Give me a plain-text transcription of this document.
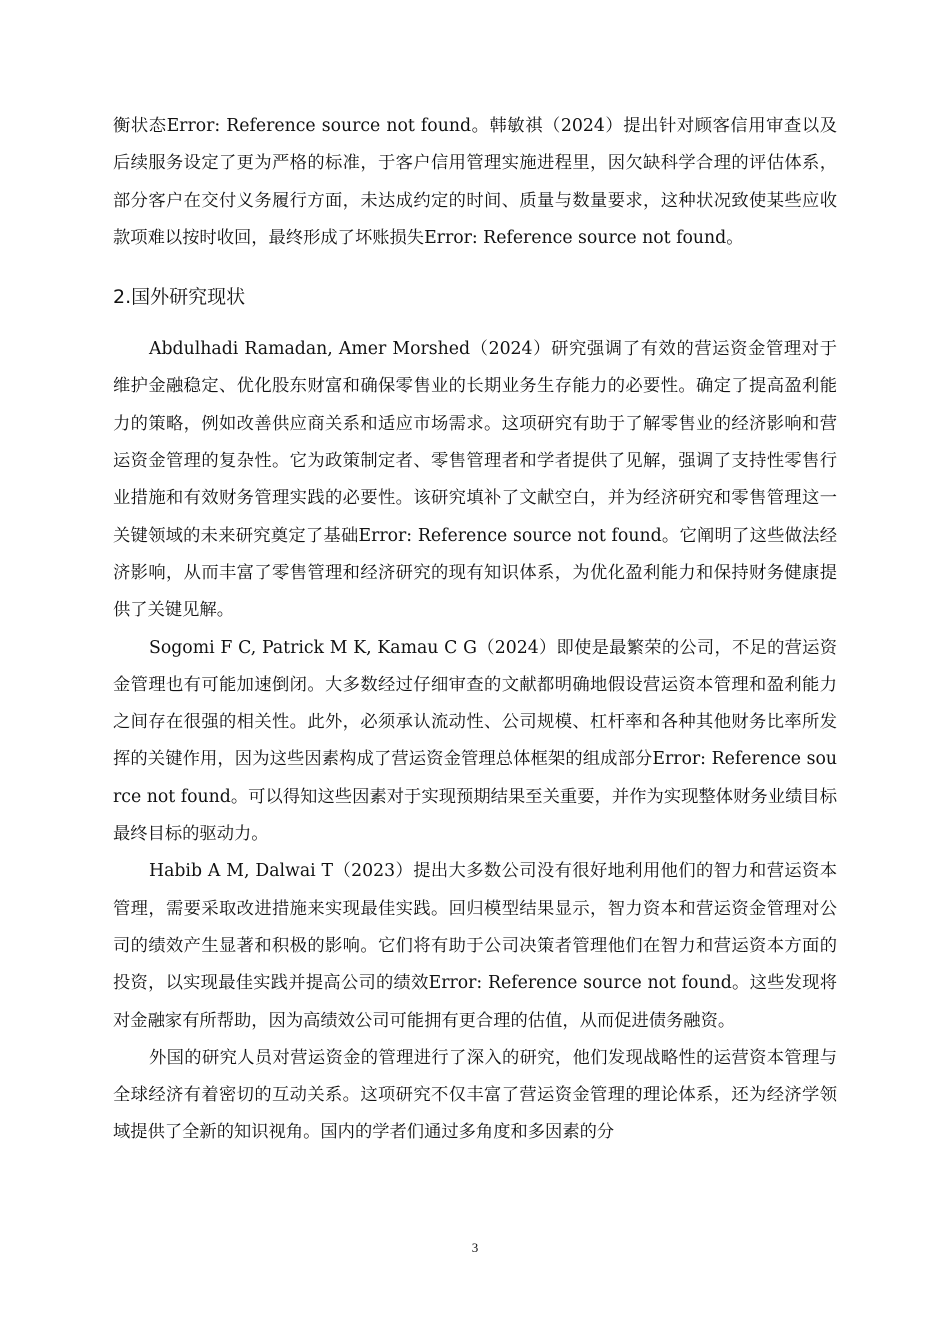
衡状态Error: Reference source not found。韩敏祺（2024）提出针对顾客信用审查以及后续服务设定了更为严格的标准，于客户信用管理实施进程里，因欠缺科学合理的评估体系，部分客户在交付义务履行方面，未达成约定的时间、质量与数量要求，这种状况致使某些应收款项难以按时收回，最终形成了坏账损失Error: Reference source not found。

2.国外研究现状

Abdulhadi Ramadan, Amer Morshed（2024）研究强调了有效的营运资金管理对于维护金融稳定、优化股东财富和确保零售业的长期业务生存能力的必要性。确定了提高盈利能力的策略，例如改善供应商关系和适应市场需求。这项研究有助于了解零售业的经济影响和营运资金管理的复杂性。它为政策制定者、零售管理者和学者提供了见解，强调了支持性零售行业措施和有效财务管理实践的必要性。该研究填补了文献空白，并为经济研究和零售管理这一关键领域的未来研究奠定了基础Error: Reference source not found。它阐明了这些做法经济影响，从而丰富了零售管理和经济研究的现有知识体系，为优化盈利能力和保持财务健康提供了关键见解。

Sogomi F C, Patrick M K, Kamau C G（2024）即使是最繁荣的公司，不足的营运资金管理也有可能加速倒闭。大多数经过仔细审查的文献都明确地假设营运资本管理和盈利能力之间存在很强的相关性。此外，必须承认流动性、公司规模、杠杆率和各种其他财务比率所发挥的关键作用，因为这些因素构成了营运资金管理总体框架的组成部分Error: Reference source not found。可以得知这些因素对于实现预期结果至关重要，并作为实现整体财务业绩目标最终目标的驱动力。

Habib A M, Dalwai T（2023）提出大多数公司没有很好地利用他们的智力和营运资本管理，需要采取改进措施来实现最佳实践。回归模型结果显示，智力资本和营运资金管理对公司的绩效产生显著和积极的影响。它们将有助于公司决策者管理他们在智力和营运资本方面的投资，以实现最佳实践并提高公司的绩效Error: Reference source not found。这些发现将对金融家有所帮助，因为高绩效公司可能拥有更合理的估值，从而促进债务融资。

外国的研究人员对营运资金的管理进行了深入的研究，他们发现战略性的运营资本管理与全球经济有着密切的互动关系。这项研究不仅丰富了营运资金管理的理论体系，还为经济学领域提供了全新的知识视角。国内的学者们通过多角度和多因素的分

3
